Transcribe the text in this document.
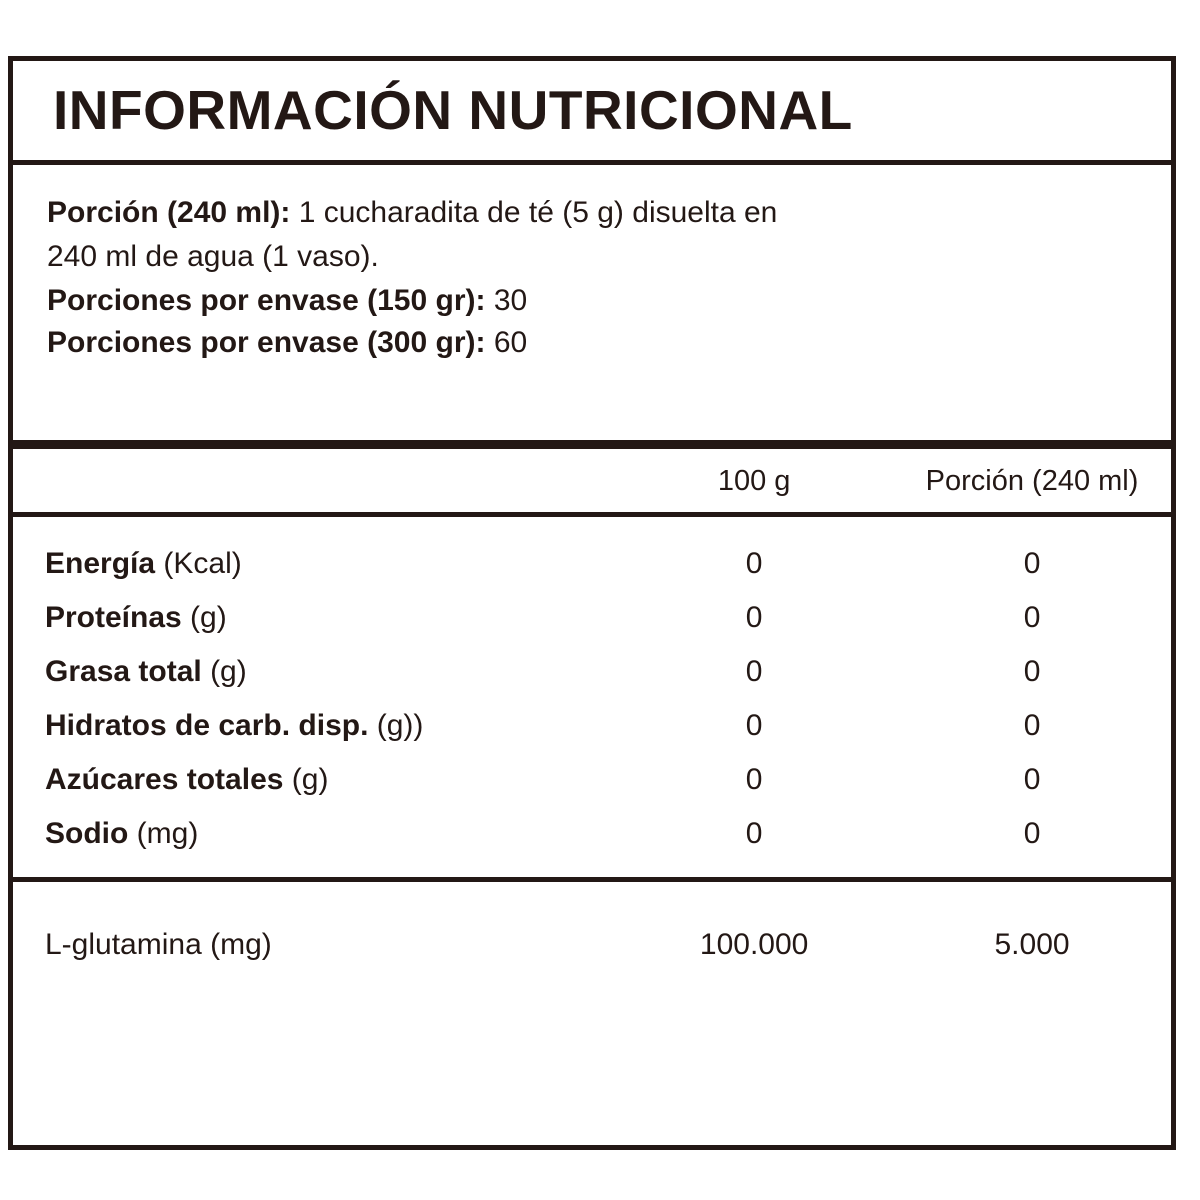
INFORMACIÓN NUTRICIONAL
Porción (240 ml): 1 cucharadita de té (5 g) disuelta en
240 ml de agua (1 vaso).
Porciones por envase (150 gr): 30
Porciones por envase (300 gr): 60
	100 g	Porción (240 ml)
Energía (Kcal)	0	0
Proteínas (g)	0	0
Grasa total (g)	0	0
Hidratos de carb. disp. (g))	0	0
Azúcares totales (g)	0	0
Sodio (mg)	0	0

L-glutamina (mg)	100.000	5.000
